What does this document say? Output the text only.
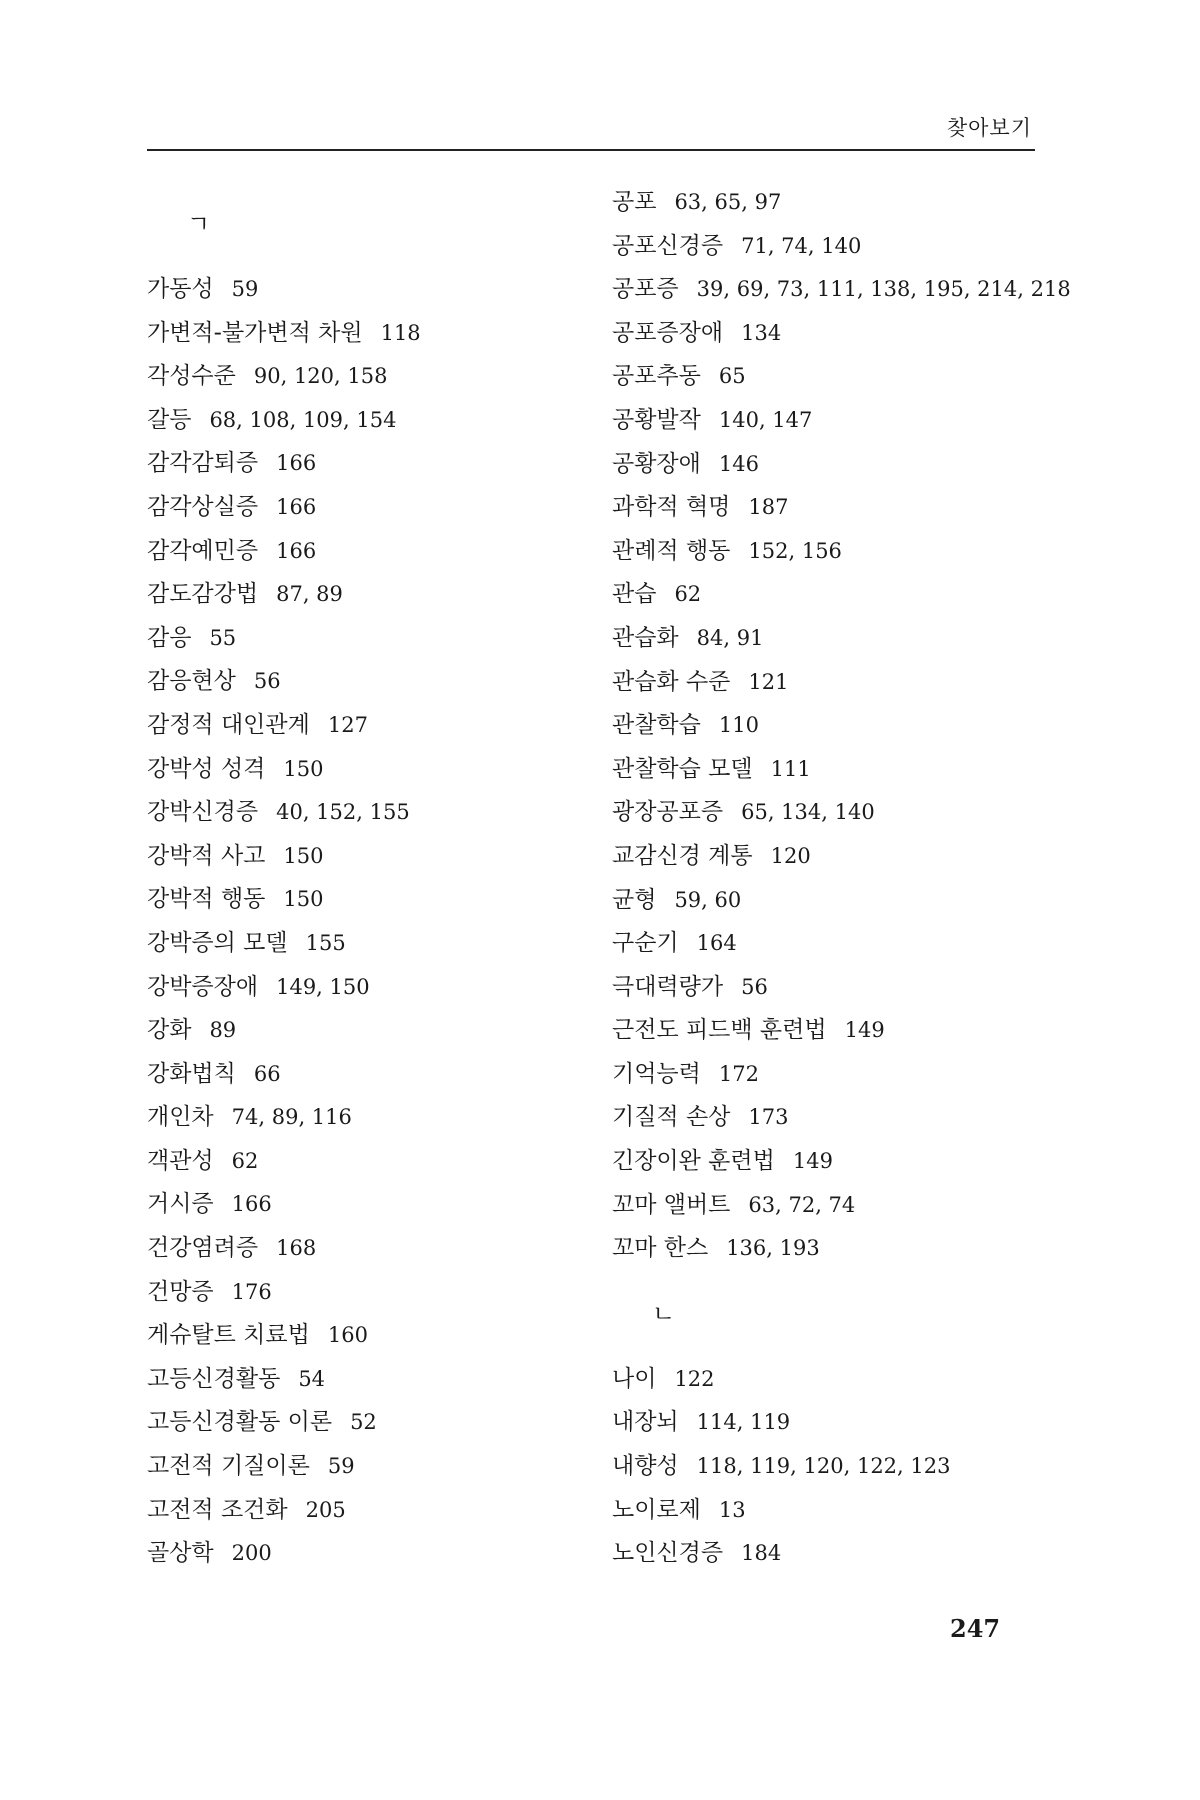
찾아보기
ㄱ
가동성 59
가변적-불가변적 차원 118
각성수준 90, 120, 158
갈등 68, 108, 109, 154
감각감퇴증 166
감각상실증 166
감각예민증 166
감도감강법 87, 89
감응 55
감응현상 56
감정적 대인관계 127
강박성 성격 150
강박신경증 40, 152, 155
강박적 사고 150
강박적 행동 150
강박증의 모델 155
강박증장애 149, 150
강화 89
강화법칙 66
개인차 74, 89, 116
객관성 62
거시증 166
건강염려증 168
건망증 176
게슈탈트 치료법 160
고등신경활동 54
고등신경활동 이론 52
고전적 기질이론 59
고전적 조건화 205
골상학 200
공포 63, 65, 97
공포신경증 71, 74, 140
공포증 39, 69, 73, 111, 138, 195, 214, 218
공포증장애 134
공포추동 65
공황발작 140, 147
공황장애 146
과학적 혁명 187
관례적 행동 152, 156
관습 62
관습화 84, 91
관습화 수준 121
관찰학습 110
관찰학습 모델 111
광장공포증 65, 134, 140
교감신경 계통 120
균형 59, 60
구순기 164
극대력량가 56
근전도 피드백 훈련법 149
기억능력 172
기질적 손상 173
긴장이완 훈련법 149
꼬마 앨버트 63, 72, 74
꼬마 한스 136, 193
ㄴ
나이 122
내장뇌 114, 119
내향성 118, 119, 120, 122, 123
노이로제 13
노인신경증 184
247
